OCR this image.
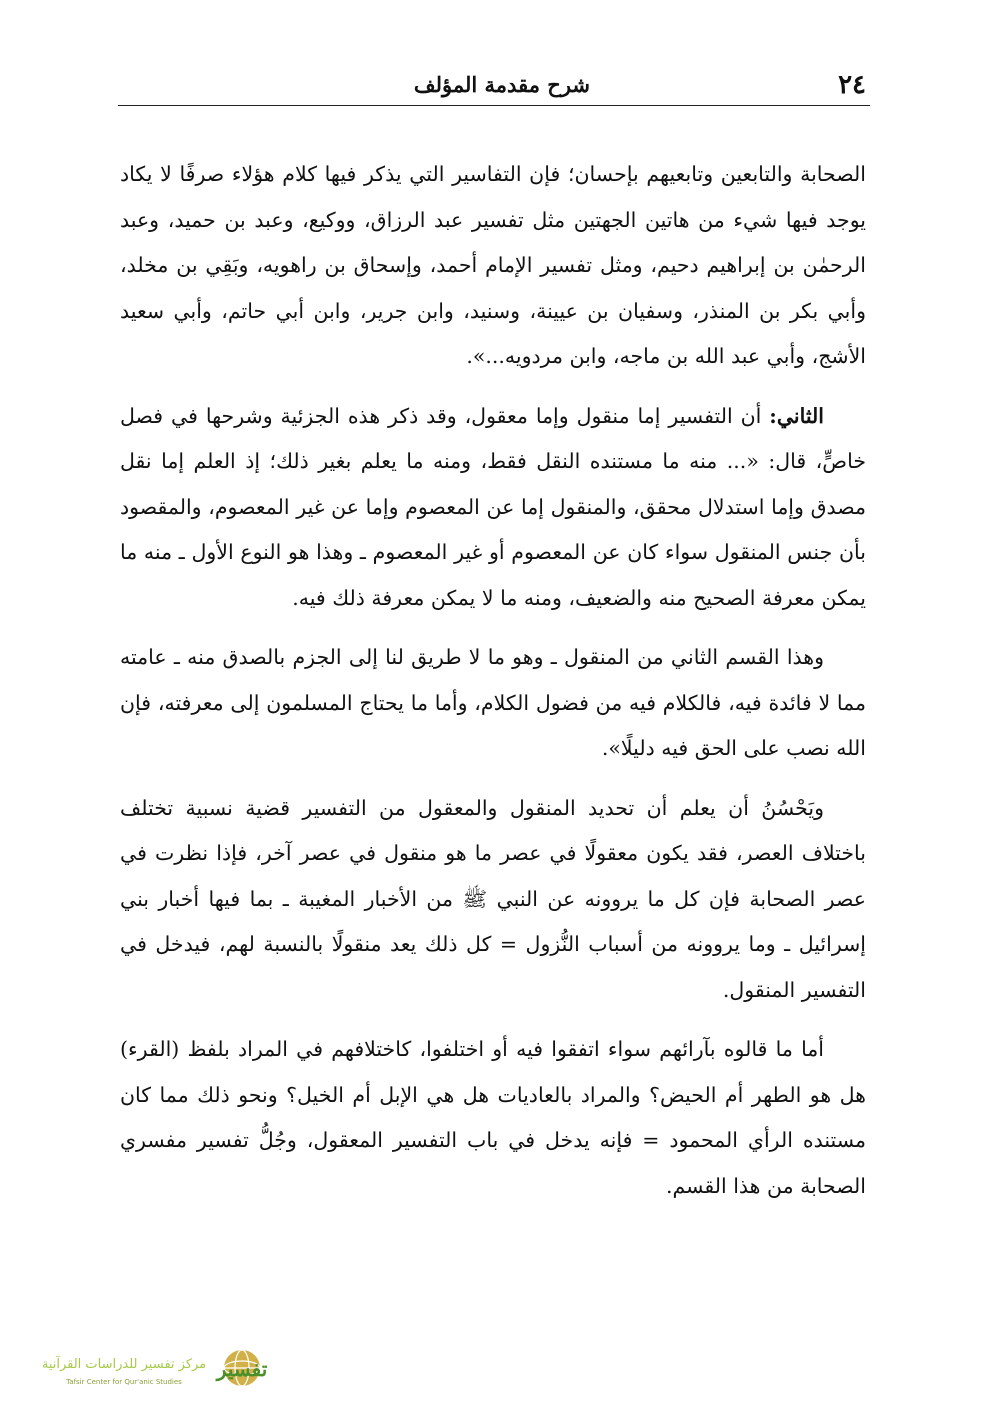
٢٤
شرح مقدمة المؤلف

الصحابة والتابعين وتابعيهم بإحسان؛ فإن التفاسير التي يذكر فيها كلام هؤلاء صرفًا لا يكاد يوجد فيها شيء من هاتين الجهتين مثل تفسير عبد الرزاق، ووكيع، وعبد بن حميد، وعبد الرحمٰن بن إبراهيم دحيم، ومثل تفسير الإمام أحمد، وإسحاق بن راهويه، وبَقِي بن مخلد، وأبي بكر بن المنذر، وسفيان بن عيينة، وسنيد، وابن جرير، وابن أبي حاتم، وأبي سعيد الأشج، وأبي عبد الله بن ماجه، وابن مردويه...».

الثاني: أن التفسير إما منقول وإما معقول، وقد ذكر هذه الجزئية وشرحها في فصل خاصٍّ، قال: «... منه ما مستنده النقل فقط، ومنه ما يعلم بغير ذلك؛ إذ العلم إما نقل مصدق وإما استدلال محقق، والمنقول إما عن المعصوم وإما عن غير المعصوم، والمقصود بأن جنس المنقول سواء كان عن المعصوم أو غير المعصوم ـ وهذا هو النوع الأول ـ منه ما يمكن معرفة الصحيح منه والضعيف، ومنه ما لا يمكن معرفة ذلك فيه.

وهذا القسم الثاني من المنقول ـ وهو ما لا طريق لنا إلى الجزم بالصدق منه ـ عامته مما لا فائدة فيه، فالكلام فيه من فضول الكلام، وأما ما يحتاج المسلمون إلى معرفته، فإن الله نصب على الحق فيه دليلًا».

ويَحْسُنُ أن يعلم أن تحديد المنقول والمعقول من التفسير قضية نسبية تختلف باختلاف العصر، فقد يكون معقولًا في عصر ما هو منقول في عصر آخر، فإذا نظرت في عصر الصحابة فإن كل ما يروونه عن النبي ﷺ من الأخبار المغيبة ـ بما فيها أخبار بني إسرائيل ـ وما يروونه من أسباب النُّزول = كل ذلك يعد منقولًا بالنسبة لهم، فيدخل في التفسير المنقول.

أما ما قالوه بآرائهم سواء اتفقوا فيه أو اختلفوا، كاختلافهم في المراد بلفظ (القرء) هل هو الطهر أم الحيض؟ والمراد بالعاديات هل هي الإبل أم الخيل؟ ونحو ذلك مما كان مستنده الرأي المحمود = فإنه يدخل في باب التفسير المعقول، وجُلُّ تفسير مفسري الصحابة من هذا القسم.

تفسير
مركز تفسير للدراسات القرآنية
Tafsir Center for Qur'anic Studies
